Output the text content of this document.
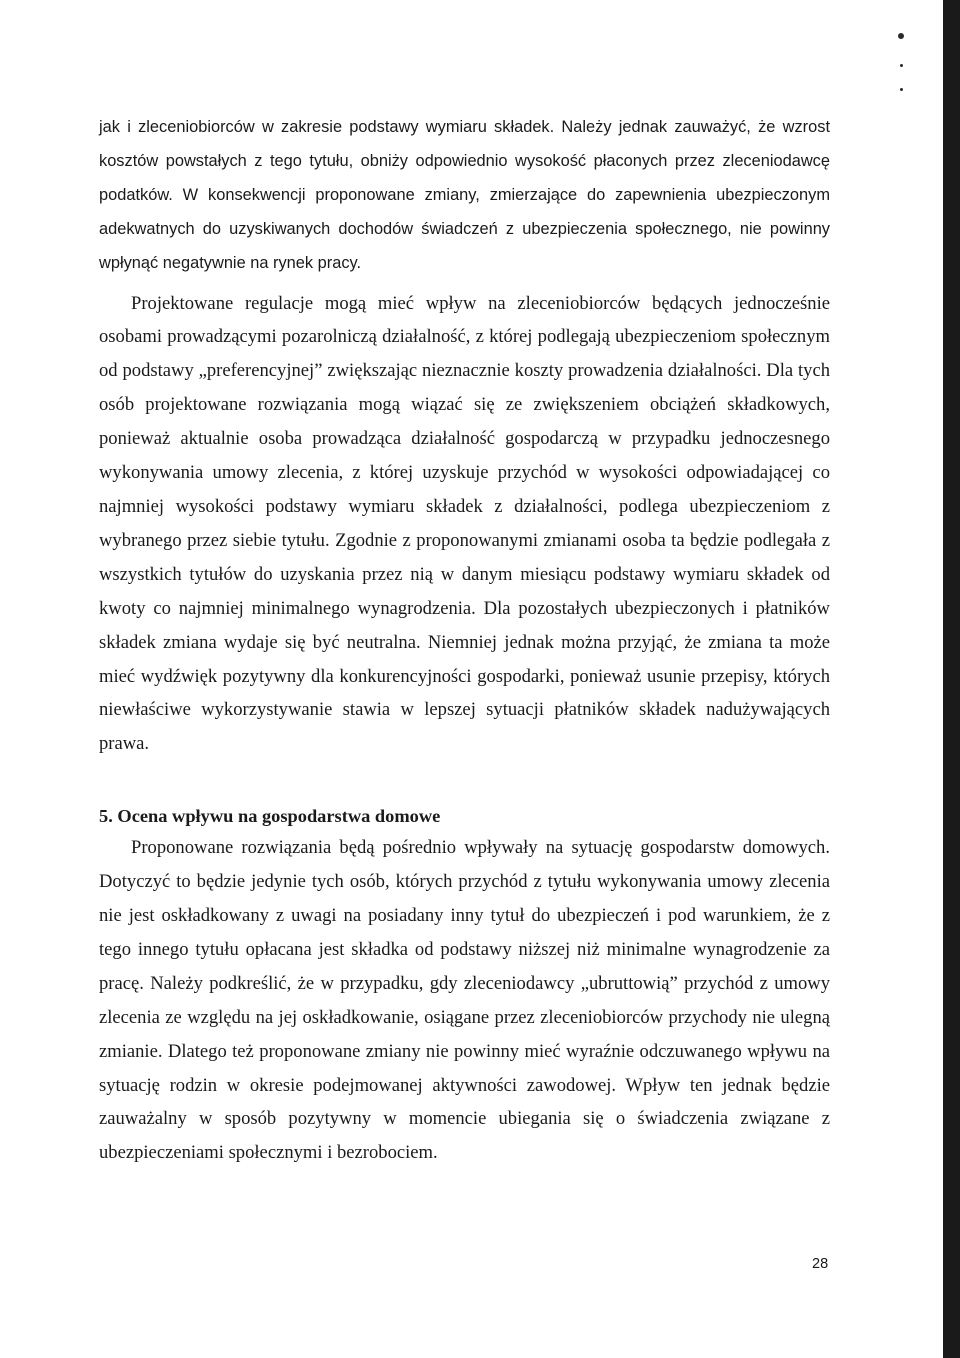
jak i zleceniobiorców w zakresie podstawy wymiaru składek. Należy jednak zauważyć, że wzrost kosztów powstałych z tego tytułu, obniży odpowiednio wysokość płaconych przez zleceniodawcę podatków. W konsekwencji proponowane zmiany, zmierzające do zapewnienia ubezpieczonym adekwatnych do uzyskiwanych dochodów świadczeń z ubezpieczenia społecznego, nie powinny wpłynąć negatywnie na rynek pracy.

Projektowane regulacje mogą mieć wpływ na zleceniobiorców będących jednocześnie osobami prowadzącymi pozarolniczą działalność, z której podlegają ubezpieczeniom społecznym od podstawy „preferencyjnej” zwiększając nieznacznie koszty prowadzenia działalności. Dla tych osób projektowane rozwiązania mogą wiązać się ze zwiększeniem obciążeń składkowych, ponieważ aktualnie osoba prowadząca działalność gospodarczą w przypadku jednoczesnego wykonywania umowy zlecenia, z której uzyskuje przychód w wysokości odpowiadającej co najmniej wysokości podstawy wymiaru składek z działalności, podlega ubezpieczeniom z wybranego przez siebie tytułu. Zgodnie z proponowanymi zmianami osoba ta będzie podlegała z wszystkich tytułów do uzyskania przez nią w danym miesiącu podstawy wymiaru składek od kwoty co najmniej minimalnego wynagrodzenia. Dla pozostałych ubezpieczonych i płatników składek zmiana wydaje się być neutralna. Niemniej jednak można przyjąć, że zmiana ta może mieć wydźwięk pozytywny dla konkurencyjności gospodarki, ponieważ usunie przepisy, których niewłaściwe wykorzystywanie stawia w lepszej sytuacji płatników składek nadużywających prawa.

5. Ocena wpływu na gospodarstwa domowe

Proponowane rozwiązania będą pośrednio wpływały na sytuację gospodarstw domowych. Dotyczyć to będzie jedynie tych osób, których przychód z tytułu wykonywania umowy zlecenia nie jest oskładkowany z uwagi na posiadany inny tytuł do ubezpieczeń i pod warunkiem, że z tego innego tytułu opłacana jest składka od podstawy niższej niż minimalne wynagrodzenie za pracę. Należy podkreślić, że w przypadku, gdy zleceniodawcy „ubruttowią” przychód z umowy zlecenia ze względu na jej oskładkowanie, osiągane przez zleceniobiorców przychody nie ulegną zmianie. Dlatego też proponowane zmiany nie powinny mieć wyraźnie odczuwanego wpływu na sytuację rodzin w okresie podejmowanej aktywności zawodowej. Wpływ ten jednak będzie zauważalny w sposób pozytywny w momencie ubiegania się o świadczenia związane z ubezpieczeniami społecznymi i bezrobociem.

28
